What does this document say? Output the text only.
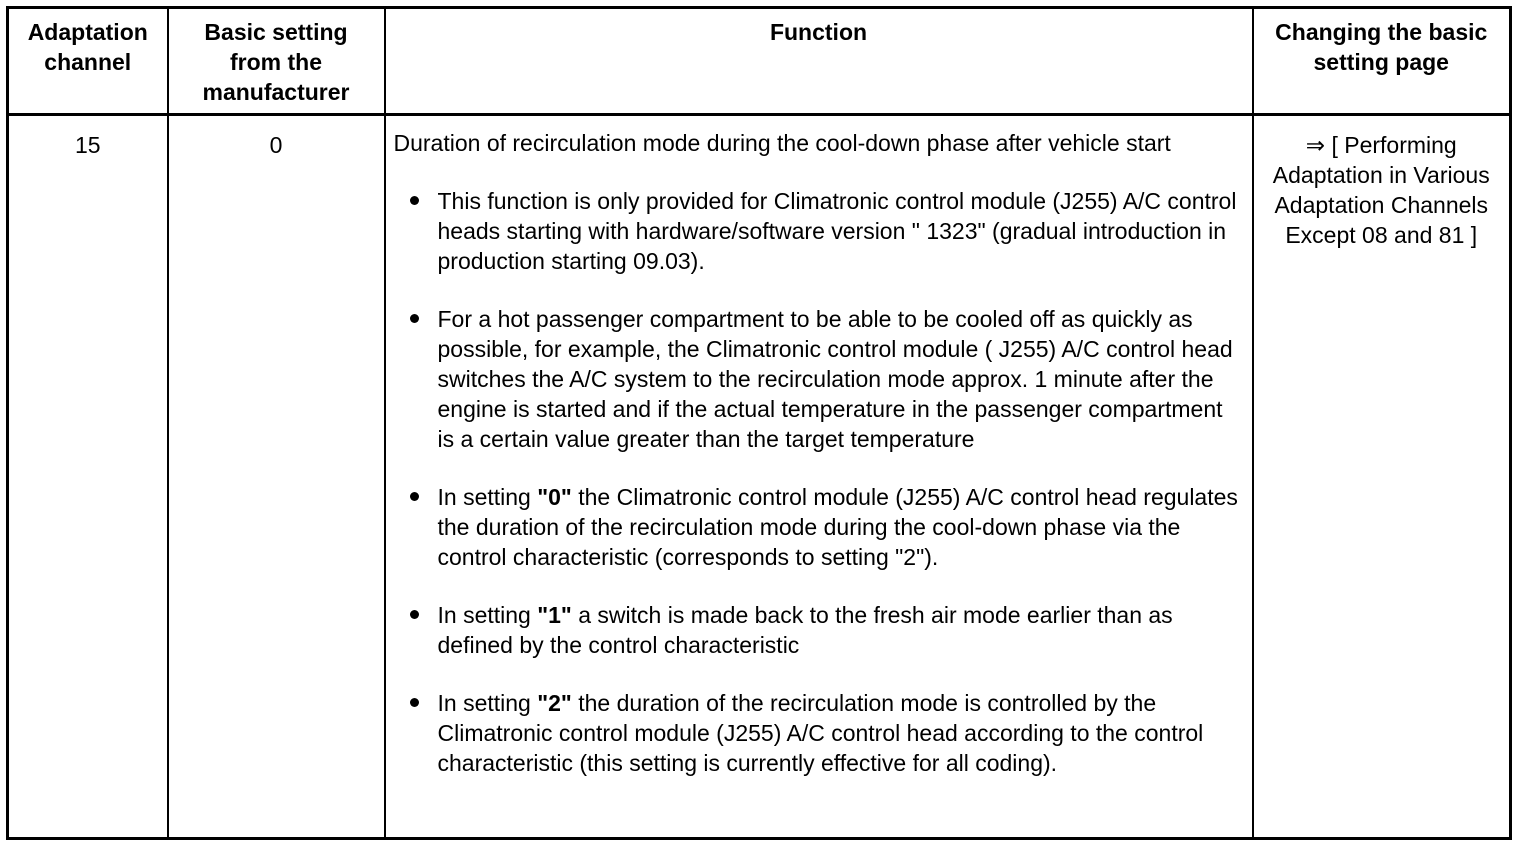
Adaptation channel	Basic setting from the manufacturer	Function	Changing the basic setting page
15	0	Duration of recirculation mode during the cool-down phase after vehicle start

This function is only provided for Climatronic control module (J255) A/C control heads starting with hardware/software version " 1323" (gradual introduction in production starting 09.03).
For a hot passenger compartment to be able to be cooled off as quickly as possible, for example, the Climatronic control module ( J255) A/C control head switches the A/C system to the recirculation mode approx. 1 minute after the engine is started and if the actual temperature in the passenger compartment is a certain value greater than the target temperature
In setting "0" the Climatronic control module (J255) A/C control head regulates the duration of the recirculation mode during the cool-down phase via the control characteristic (corresponds to setting "2").
In setting "1" a switch is made back to the fresh air mode earlier than as defined by the control characteristic
In setting "2" the duration of the recirculation mode is controlled by the Climatronic control module (J255) A/C control head according to the control characteristic (this setting is currently effective for all coding).
	⇒ [ Performing Adaptation in Various Adaptation Channels Except 08 and 81 ]
